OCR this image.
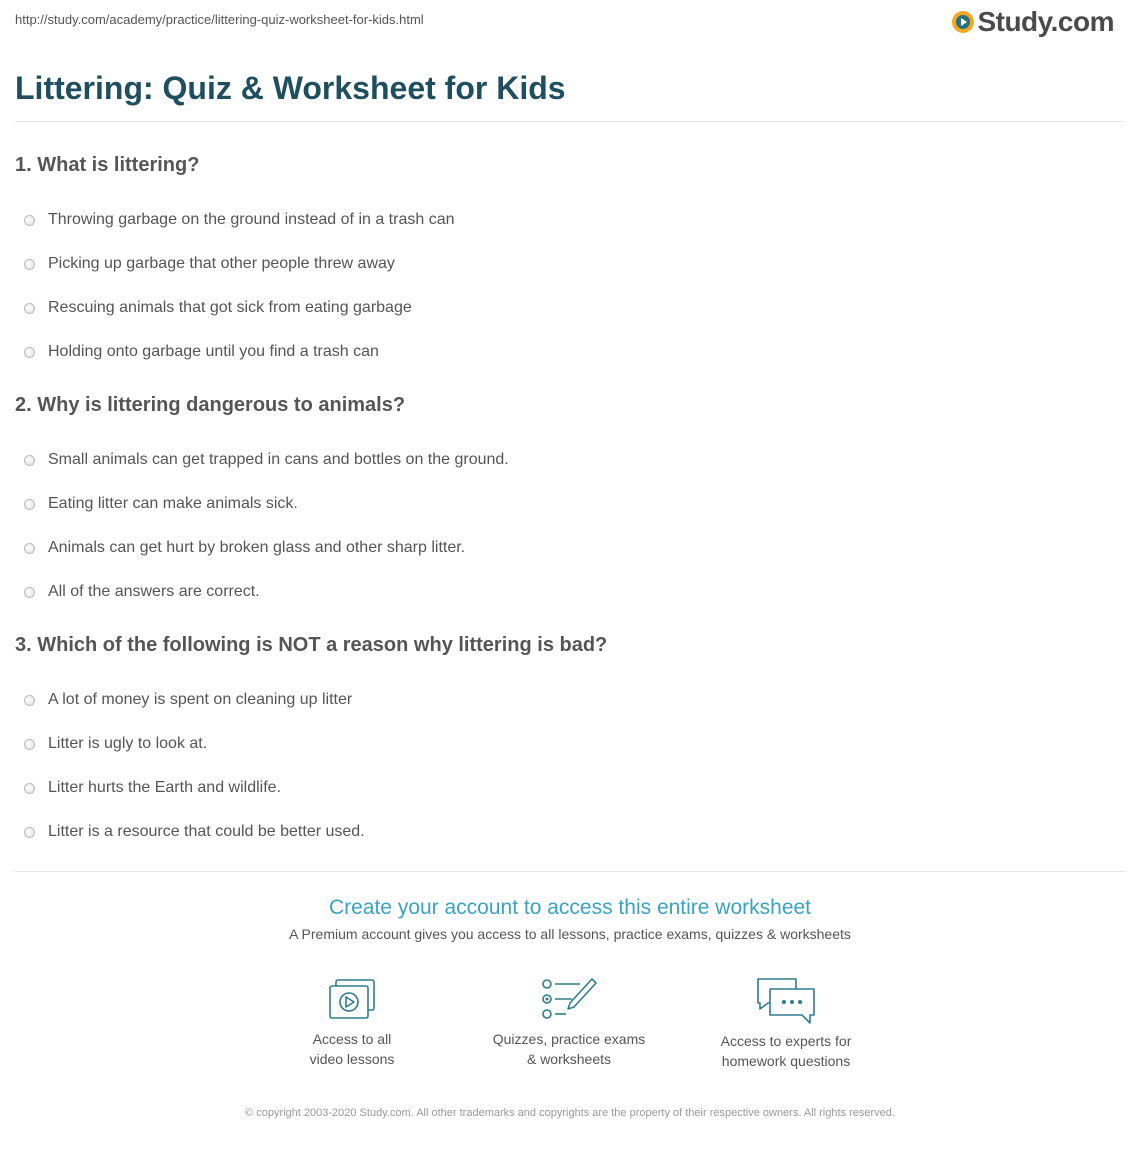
http://study.com/academy/practice/littering-quiz-worksheet-for-kids.html	Study.com
Littering: Quiz & Worksheet for Kids
1. What is littering?
Throwing garbage on the ground instead of in a trash can
Picking up garbage that other people threw away
Rescuing animals that got sick from eating garbage
Holding onto garbage until you find a trash can
2. Why is littering dangerous to animals?
Small animals can get trapped in cans and bottles on the ground.
Eating litter can make animals sick.
Animals can get hurt by broken glass and other sharp litter.
All of the answers are correct.
3. Which of the following is NOT a reason why littering is bad?
A lot of money is spent on cleaning up litter
Litter is ugly to look at.
Litter hurts the Earth and wildlife.
Litter is a resource that could be better used.
Create your account to access this entire worksheet
A Premium account gives you access to all lessons, practice exams, quizzes & worksheets
Access to all
video lessons
Quizzes, practice exams
& worksheets
Access to experts for
homework questions
© copyright 2003-2020 Study.com. All other trademarks and copyrights are the property of their respective owners. All rights reserved.
